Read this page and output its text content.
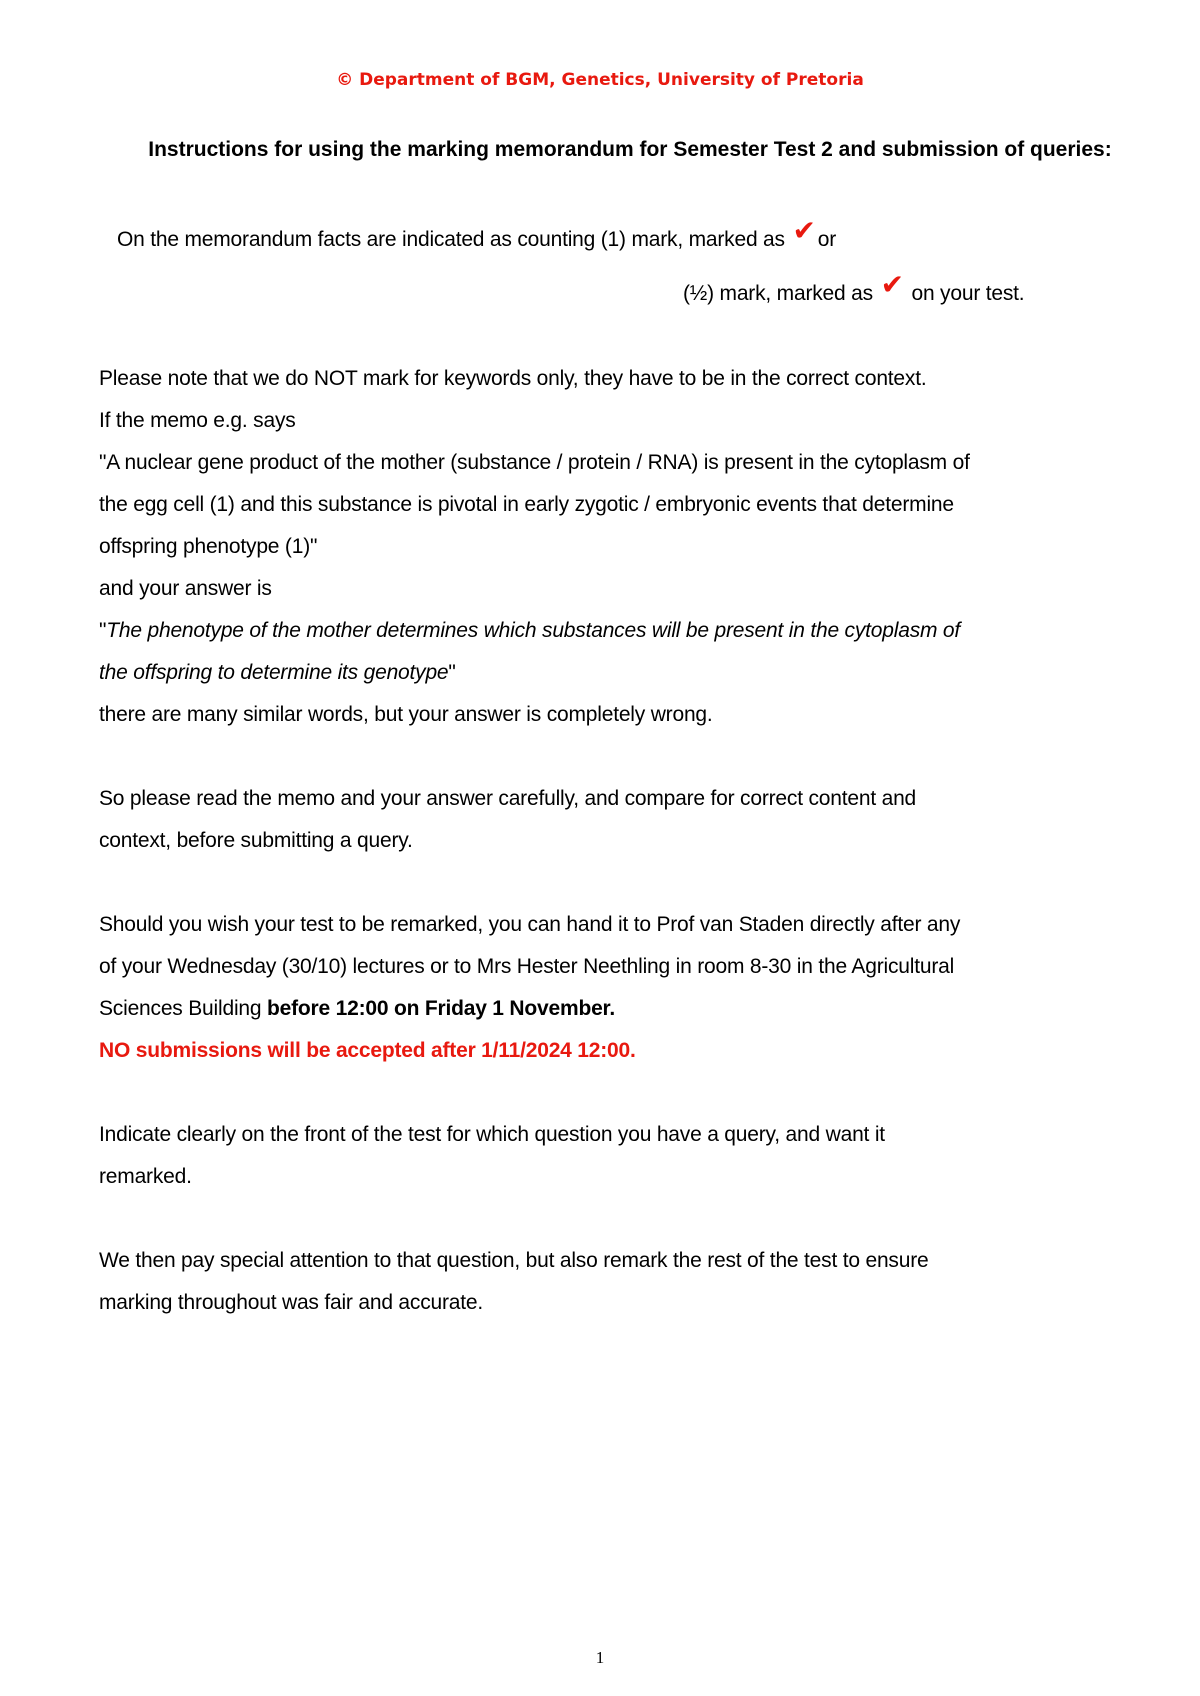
© Department of BGM, Genetics, University of Pretoria
Instructions for using the marking memorandum for Semester Test 2 and submission of queries:
On the memorandum facts are indicated as counting (1) mark, marked as ✔or
(½) mark, marked as ✔ on your test.
Please note that we do NOT mark for keywords only, they have to be in the correct context.
If the memo e.g. says
"A nuclear gene product of the mother (substance / protein / RNA) is present in the cytoplasm of
the egg cell (1) and this substance is pivotal in early zygotic / embryonic events that determine
offspring phenotype (1)"
and your answer is
"The phenotype of the mother determines which substances will be present in the cytoplasm of
the offspring to determine its genotype"
there are many similar words, but your answer is completely wrong.
So please read the memo and your answer carefully, and compare for correct content and
context, before submitting a query.
Should you wish your test to be remarked, you can hand it to Prof van Staden directly after any
of your Wednesday (30/10) lectures or to Mrs Hester Neethling in room 8-30 in the Agricultural
Sciences Building before 12:00 on Friday 1 November.
NO submissions will be accepted after 1/11/2024 12:00.
Indicate clearly on the front of the test for which question you have a query, and want it
remarked.
We then pay special attention to that question, but also remark the rest of the test to ensure
marking throughout was fair and accurate.
1
